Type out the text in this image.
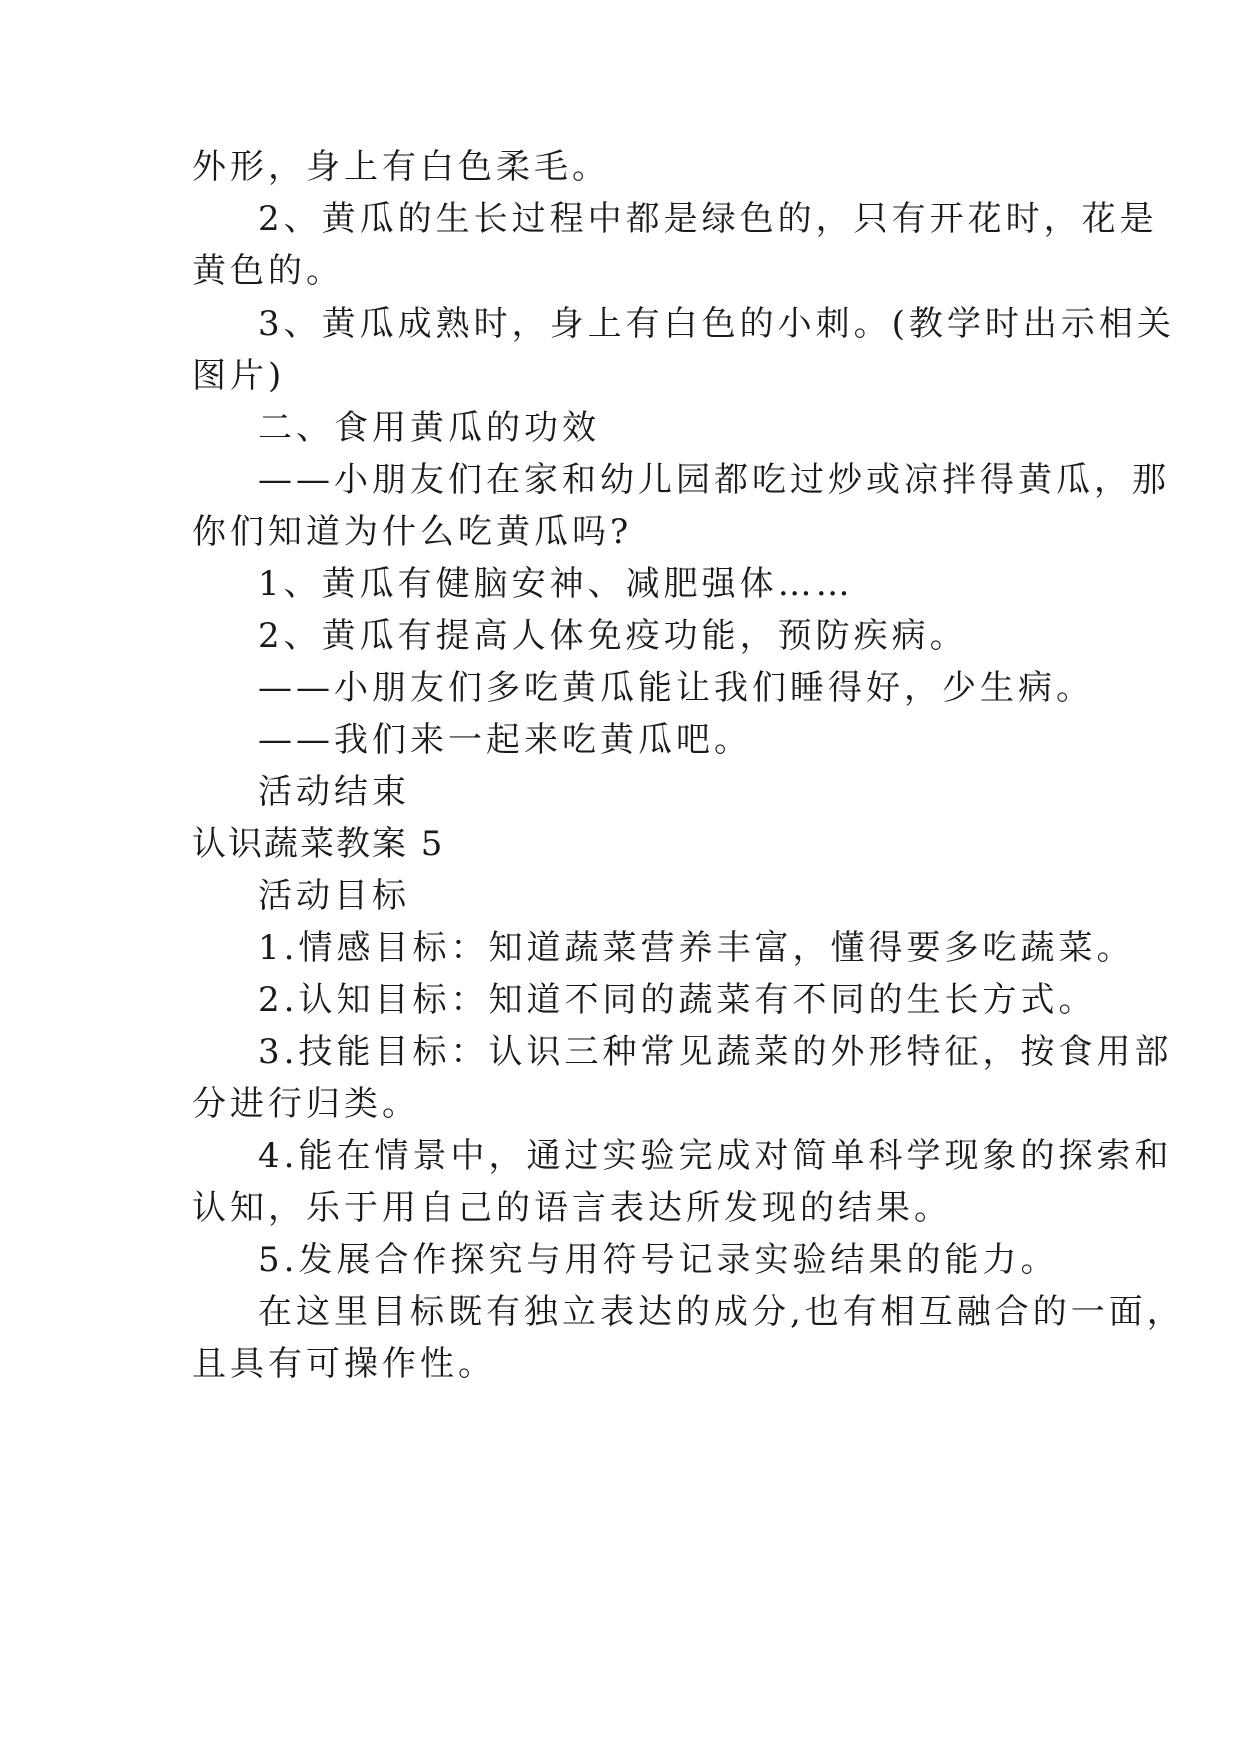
外形，身上有白色柔毛。
2、黄瓜的生长过程中都是绿色的，只有开花时，花是
黄色的。
3、黄瓜成熟时，身上有白色的小刺。(教学时出示相关
图片)
二、食用黄瓜的功效
——小朋友们在家和幼儿园都吃过炒或凉拌得黄瓜，那
你们知道为什么吃黄瓜吗?
1、黄瓜有健脑安神、减肥强体……
2、黄瓜有提高人体免疫功能，预防疾病。
——小朋友们多吃黄瓜能让我们睡得好，少生病。
——我们来一起来吃黄瓜吧。
活动结束
认识蔬菜教案 5
活动目标
1.情感目标：知道蔬菜营养丰富，懂得要多吃蔬菜。
2.认知目标：知道不同的蔬菜有不同的生长方式。
3.技能目标：认识三种常见蔬菜的外形特征，按食用部
分进行归类。
4.能在情景中，通过实验完成对简单科学现象的探索和
认知，乐于用自己的语言表达所发现的结果。
5.发展合作探究与用符号记录实验结果的能力。
在这里目标既有独立表达的成分,也有相互融合的一面，
且具有可操作性。
